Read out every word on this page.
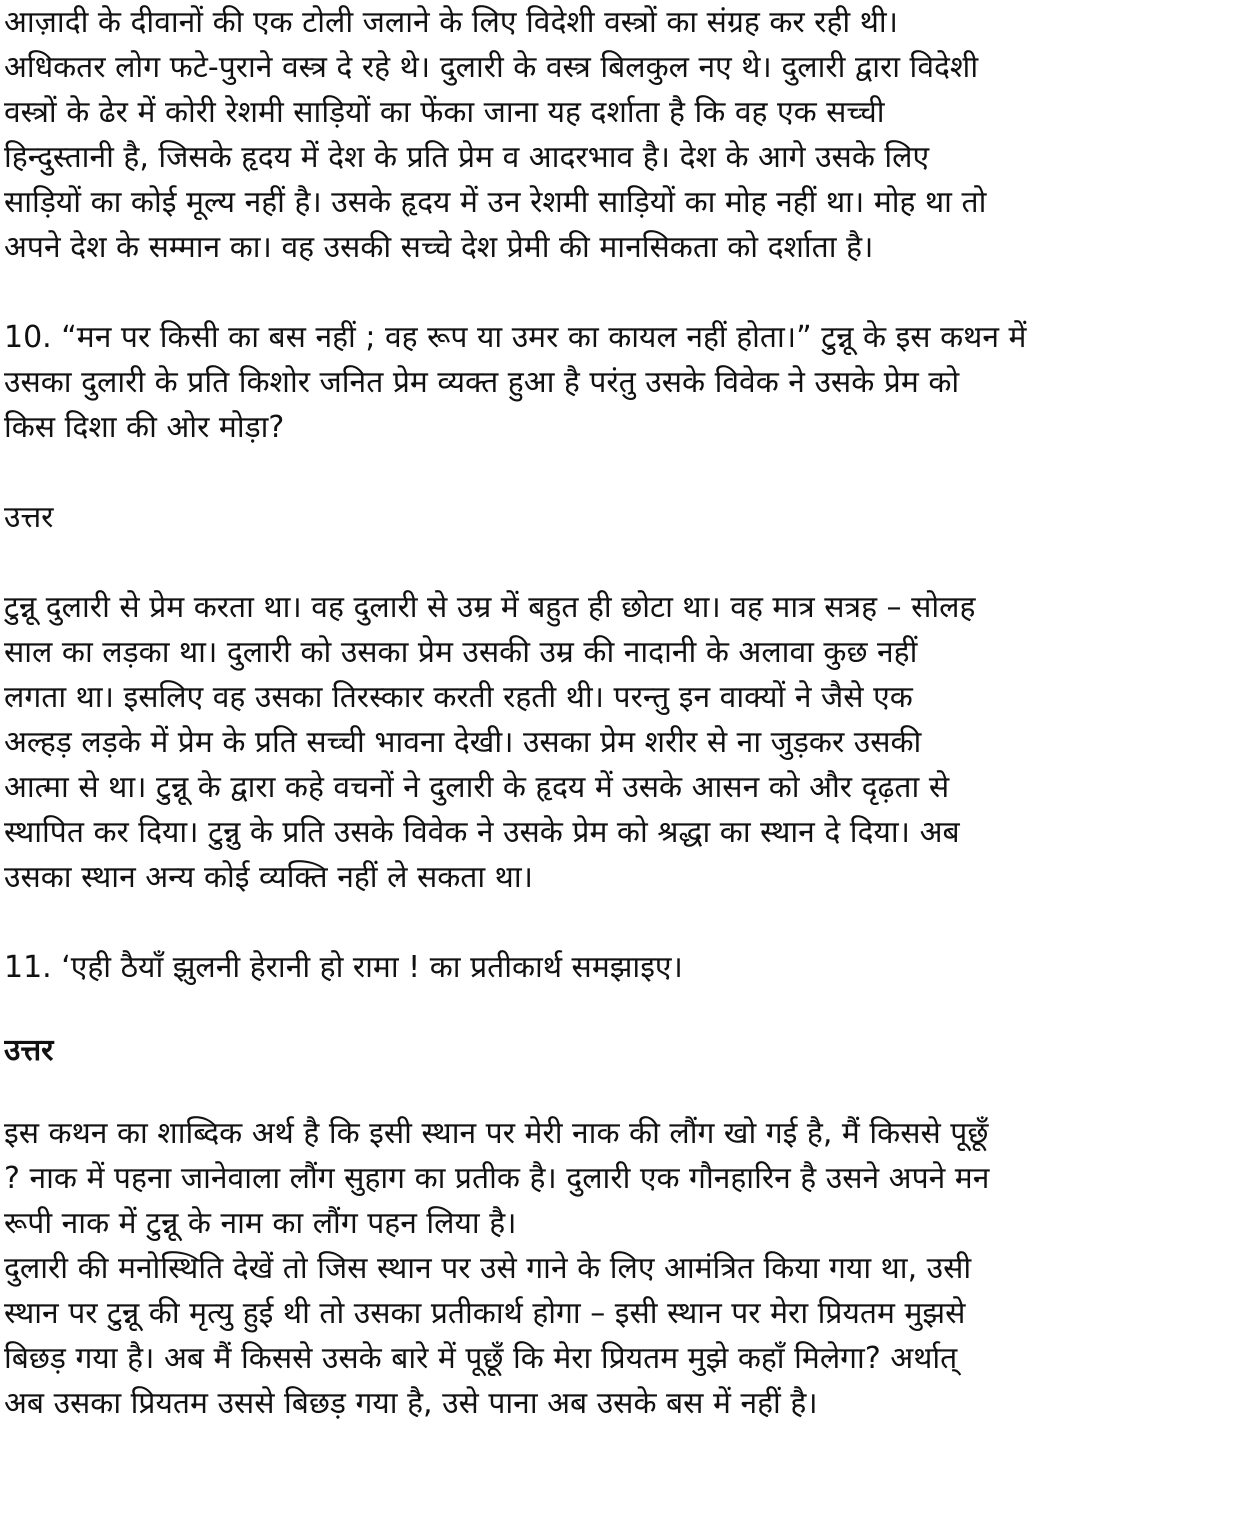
आज़ादी के दीवानों की एक टोली जलाने के लिए विदेशी वस्त्रों का संग्रह कर रही थी।
अधिकतर लोग फटे-पुराने वस्त्र दे रहे थे। दुलारी के वस्त्र बिलकुल नए थे। दुलारी द्वारा विदेशी
वस्त्रों के ढेर में कोरी रेशमी साड़ियों का फेंका जाना यह दर्शाता है कि वह एक सच्ची
हिन्दुस्तानी है, जिसके हृदय में देश के प्रति प्रेम व आदरभाव है। देश के आगे उसके लिए
साड़ियों का कोई मूल्य नहीं है। उसके हृदय में उन रेशमी साड़ियों का मोह नहीं था। मोह था तो
अपने देश के सम्मान का। वह उसकी सच्चे देश प्रेमी की मानसिकता को दर्शाता है।
10. “मन पर किसी का बस नहीं ; वह रूप या उमर का कायल नहीं होता।” टुन्नू के इस कथन में
उसका दुलारी के प्रति किशोर जनित प्रेम व्यक्त हुआ है परंतु उसके विवेक ने उसके प्रेम को
किस दिशा की ओर मोड़ा?
उत्तर
टुन्नू दुलारी से प्रेम करता था। वह दुलारी से उम्र में बहुत ही छोटा था। वह मात्र सत्रह – सोलह
साल का लड़का था। दुलारी को उसका प्रेम उसकी उम्र की नादानी के अलावा कुछ नहीं
लगता था। इसलिए वह उसका तिरस्कार करती रहती थी। परन्तु इन वाक्यों ने जैसे एक
अल्हड़ लड़के में प्रेम के प्रति सच्ची भावना देखी। उसका प्रेम शरीर से ना जुड़कर उसकी
आत्मा से था। टुन्नू के द्वारा कहे वचनों ने दुलारी के हृदय में उसके आसन को और दृढ़ता से
स्थापित कर दिया। टुन्नु के प्रति उसके विवेक ने उसके प्रेम को श्रद्धा का स्थान दे दिया। अब
उसका स्थान अन्य कोई व्यक्ति नहीं ले सकता था।
11. ‘एही ठैयाँ झुलनी हेरानी हो रामा ! का प्रतीकार्थ समझाइए।
उत्तर
इस कथन का शाब्दिक अर्थ है कि इसी स्थान पर मेरी नाक की लौंग खो गई है, मैं किससे पूछूँ
? नाक में पहना जानेवाला लौंग सुहाग का प्रतीक है। दुलारी एक गौनहारिन है उसने अपने मन
रूपी नाक में टुन्नू के नाम का लौंग पहन लिया है।
दुलारी की मनोस्थिति देखें तो जिस स्थान पर उसे गाने के लिए आमंत्रित किया गया था, उसी
स्थान पर टुन्नू की मृत्यु हुई थी तो उसका प्रतीकार्थ होगा – इसी स्थान पर मेरा प्रियतम मुझसे
बिछड़ गया है। अब मैं किससे उसके बारे में पूछूँ कि मेरा प्रियतम मुझे कहाँ मिलेगा? अर्थात्
अब उसका प्रियतम उससे बिछड़ गया है, उसे पाना अब उसके बस में नहीं है।
